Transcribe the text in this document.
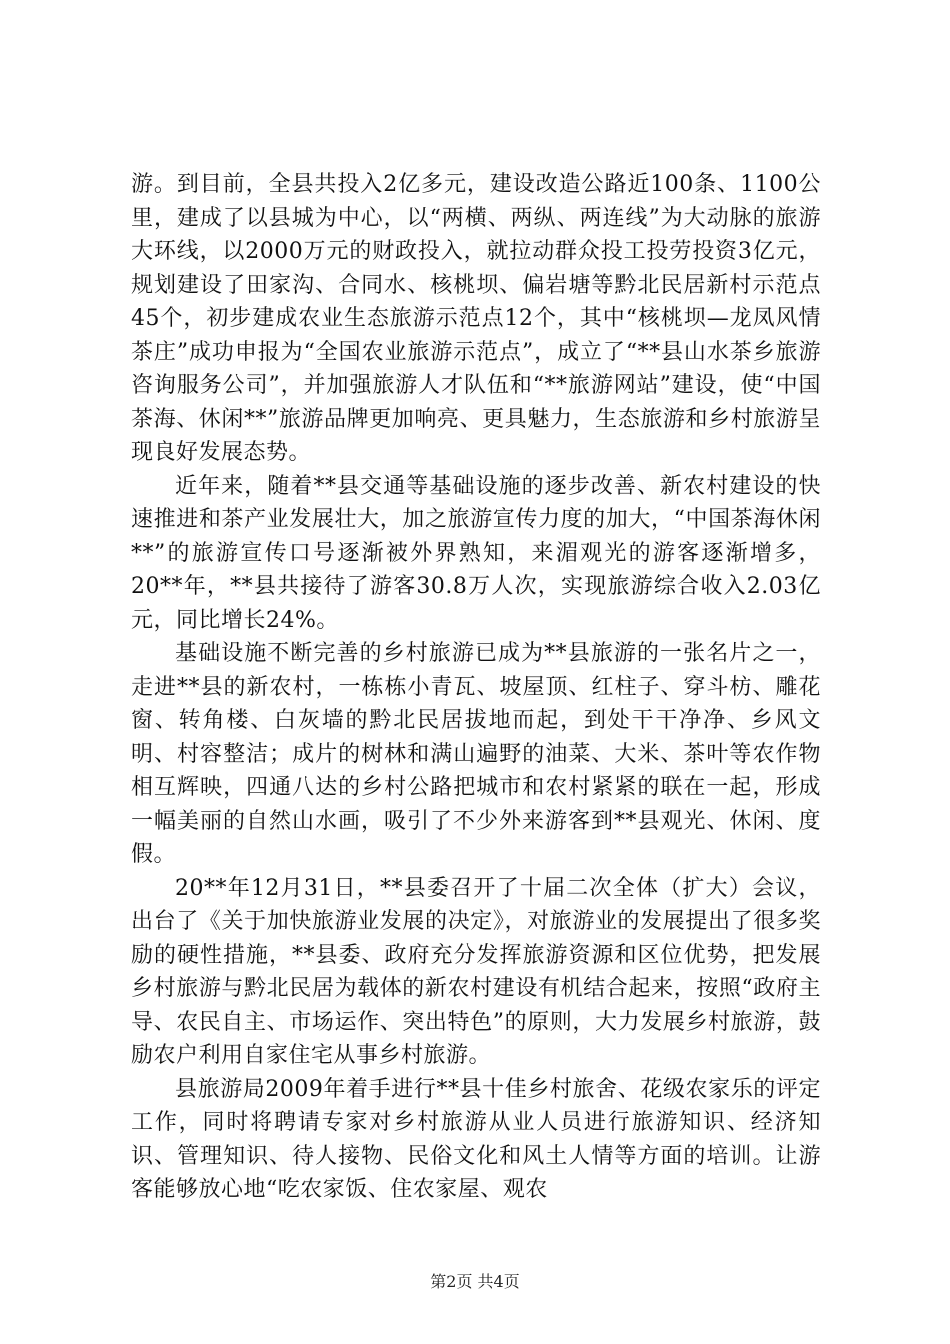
游。到目前，全县共投入2亿多元，建设改造公路近100条、1100公里，建成了以县城为中心，以“两横、两纵、两连线”为大动脉的旅游大环线，以2000万元的财政投入，就拉动群众投工投劳投资3亿元，规划建设了田家沟、合同水、核桃坝、偏岩塘等黔北民居新村示范点45个，初步建成农业生态旅游示范点12个，其中“核桃坝—龙凤风情茶庄”成功申报为“全国农业旅游示范点”，成立了“**县山水茶乡旅游咨询服务公司”，并加强旅游人才队伍和“**旅游网站”建设，使“中国茶海、休闲**”旅游品牌更加响亮、更具魅力，生态旅游和乡村旅游呈现良好发展态势。

近年来，随着**县交通等基础设施的逐步改善、新农村建设的快速推进和茶产业发展壮大，加之旅游宣传力度的加大，“中国茶海休闲**”的旅游宣传口号逐渐被外界熟知，来湄观光的游客逐渐增多，20**年，**县共接待了游客30.8万人次，实现旅游综合收入2.03亿元，同比增长24%。

基础设施不断完善的乡村旅游已成为**县旅游的一张名片之一，走进**县的新农村，一栋栋小青瓦、坡屋顶、红柱子、穿斗枋、雕花窗、转角楼、白灰墙的黔北民居拔地而起，到处干干净净、乡风文明、村容整洁；成片的树林和满山遍野的油菜、大米、茶叶等农作物相互辉映，四通八达的乡村公路把城市和农村紧紧的联在一起，形成一幅美丽的自然山水画，吸引了不少外来游客到**县观光、休闲、度假。

20**年12月31日，**县委召开了十届二次全体（扩大）会议，出台了《关于加快旅游业发展的决定》，对旅游业的发展提出了很多奖励的硬性措施，**县委、政府充分发挥旅游资源和区位优势，把发展乡村旅游与黔北民居为载体的新农村建设有机结合起来，按照“政府主导、农民自主、市场运作、突出特色”的原则，大力发展乡村旅游，鼓励农户利用自家住宅从事乡村旅游。

县旅游局2009年着手进行**县十佳乡村旅舍、花级农家乐的评定工作，同时将聘请专家对乡村旅游从业人员进行旅游知识、经济知识、管理知识、待人接物、民俗文化和风土人情等方面的培训。让游客能够放心地“吃农家饭、住农家屋、观农

第2页 共4页
